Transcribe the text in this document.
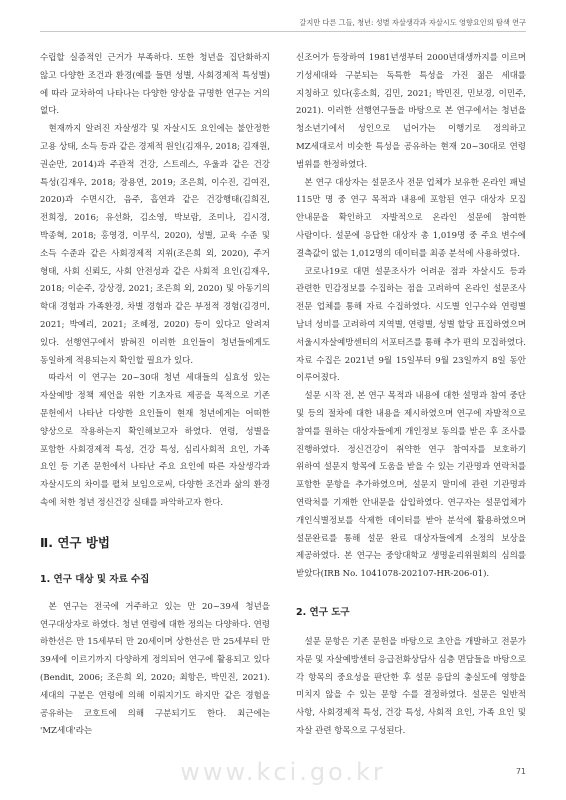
갈지만 다른 그들, 청년: 성별 자살생각과 자살시도 영향요인의 탐색 연구

수립할 실증적인 근거가 부족하다. 또한 청년을 집단화하지 않고 다양한 조건과 환경(예를 들면 성별, 사회경제적 특성별)에 따라 교차하여 나타나는 다양한 양상을 규명한 연구는 거의 없다.

현재까지 알려진 자살생각 및 자살시도 요인에는 불안정한 고용 상태, 소득 등과 같은 경제적 원인(김재우, 2018; 김재원, 권순만, 2014)과 주관적 건강, 스트레스, 우울과 같은 건강 특성(김재우, 2018; 장용연, 2019; 조은희, 이수진, 김여진, 2020)과 수면시간, 음주, 흡연과 같은 건강행태(김희진, 전희정, 2016; 유선화, 김소영, 박보람, 조미나, 김시경, 박종혁, 2018; 홍영경, 이무식, 2020), 성별, 교육 수준 및 소득 수준과 같은 사회경제적 지위(조은희 외, 2020), 주거 형태, 사회 신뢰도, 사회 안전성과 같은 사회적 요인(김재우, 2018; 이순주, 강상경, 2021; 조은희 외, 2020) 및 아동기의 학대 경험과 가족환경, 차별 경험과 같은 부정적 경험(김경미, 2021; 박예리, 2021; 조혜정, 2020) 등이 있다고 알려져 있다. 선행연구에서 밝혀진 이러한 요인들이 청년들에게도 동일하게 적용되는지 확인할 필요가 있다.

따라서 이 연구는 20~30대 청년 세대들의 심효성 있는 자살예방 정책 제언을 위한 기초자료 제공을 목적으로 기존 문헌에서 나타난 다양한 요인들이 현재 청년에게는 어떠한 양상으로 작용하는지 확인해보고자 하였다. 연령, 성별을 포함한 사회경제적 특성, 건강 특성, 심리사회적 요인, 가족 요인 등 기존 문헌에서 나타난 주요 요인에 따른 자살생각과 자살시도의 차이를 펼쳐 보임으로써, 다양한 조건과 삶의 환경 속에 처한 청년 정신건강 실태를 파악하고자 한다.

Ⅱ. 연구 방법
1. 연구 대상 및 자료 수집

본 연구는 전국에 거주하고 있는 만 20~39세 청년을 연구대상자로 하였다. 청년 연령에 대한 정의는 다양하다. 연령 하한선은 만 15세부터 만 20세이며 상한선은 만 25세부터 만 39세에 이르기까지 다양하게 정의되어 연구에 활용되고 있다(Bendit, 2006; 조은희 외, 2020; 최항은, 박민진, 2021). 세대의 구분은 연령에 의해 이뤄지기도 하지만 같은 경험을 공유하는 코호트에 의해 구분되기도 한다. 최근에는 'MZ세대'라는

신조어가 등장하여 1981년생부터 2000년대생까지를 이르며 기성세대와 구분되는 독특한 특성을 가진 젊은 세대를 지칭하고 있다(홍소희, 김민, 2021; 박민진, 민보경, 이민주, 2021). 이러한 선행연구들을 바탕으로 본 연구에서는 청년을 청소년기에서 성인으로 넘어가는 이행기로 정의하고 MZ세대로서 비슷한 특성을 공유하는 현재 20~30대로 연령 범위를 한정하였다.

본 연구 대상자는 설문조사 전문 업체가 보유한 온라인 패널 115만 명 중 연구 목적과 내용에 포함된 연구 대상자 모집 안내문을 확인하고 자발적으로 온라인 설문에 참여한 사람이다. 설문에 응답한 대상자 총 1,019명 중 주요 변수에 결측값이 없는 1,012명의 데이터를 최종 분석에 사용하였다.

코로나19로 대면 설문조사가 어려운 점과 자살시도 등과 관련한 민감정보를 수집하는 점을 고려하여 온라인 설문조사 전문 업체를 통해 자료 수집하였다. 시도별 인구수와 연령별 남녀 성비를 고려하여 지역별, 연령별, 성별 할당 표집하였으며 서울시자살예방센터의 서포터즈를 통해 추가 편의 모집하였다. 자료 수집은 2021년 9월 15일부터 9월 23일까지 8일 동안 이루어졌다.

설문 시작 전, 본 연구 목적과 내용에 대한 설명과 참여 중단 및 등의 절차에 대한 내용을 제시하였으며 연구에 자발적으로 참여를 원하는 대상자들에게 개인정보 동의를 받은 후 조사를 진행하였다. 정신건강이 취약한 연구 참여자를 보호하기 위하여 설문지 항목에 도움을 받을 수 있는 기관명과 연락처를 포함한 문항을 추가하였으며, 설문지 말미에 관련 기관명과 연락처를 기재한 안내문을 삽입하였다. 연구자는 설문업체가 개인식별정보를 삭제한 데이터를 받아 분석에 활용하였으며 설문완료를 통해 설문 완료 대상자들에게 소정의 보상을 제공하였다. 본 연구는 중앙대학교 생명윤리위원회의 심의를 받았다(IRB No. 1041078-202107-HR-206-01).

2. 연구 도구

설문 문항은 기존 문헌을 바탕으로 초안을 개발하고 전문가 자문 및 자살예방센터 응급전화상담사 심층 면담들을 바탕으로 각 항목의 중요성을 판단한 후 설문 응답의 충실도에 영향을 미치지 않을 수 있는 문항 수를 결정하였다. 설문은 일반적 사항, 사회경제적 특성, 건강 특성, 사회적 요인, 가족 요인 및 자살 관련 항목으로 구성된다.

www.kci.go.kr	71
